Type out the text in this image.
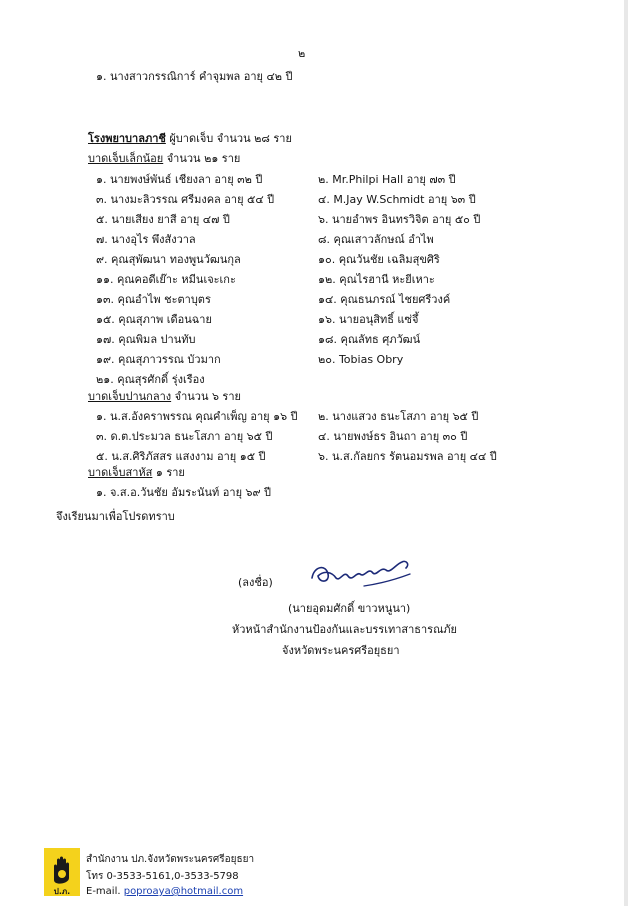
๒
๑. นางสาวกรรณิการ์ คำจุมพล อายุ ๔๒ ปี
โรงพยาบาลภาชี ผู้บาดเจ็บ จำนวน ๒๘ ราย
บาดเจ็บเล็กน้อย จำนวน ๒๑ ราย
๑. นายพงษ์พันธ์ เชียงลา อายุ ๓๒ ปี
๓. นางมะลิวรรณ ศรีมงคล อายุ ๕๔ ปี
๕. นายเสียง ยาสี อายุ ๔๗ ปี
๗. นางอุไร พึงสังวาล
๙. คุณสุพัฒนา ทองพูนวัฒนกุล
๑๑. คุณคอดีเย๊าะ หมีนเจะเกะ
๑๓. คุณอำไพ ชะตาบุตร
๑๕. คุณสุภาพ เดือนฉาย
๑๗. คุณพิมล ปานทับ
๑๙. คุณสุภาวรรณ บัวมาก
๒๑. คุณสุรศักดิ์ รุ่งเรือง
๒. Mr.Philpi Hall อายุ ๗๓ ปี
๔. M.Jay W.Schmidt อายุ ๖๓ ปี
๖. นายอำพร อินทรวิจิต อายุ ๕๐ ปี
๘. คุณเสาวลักษณ์ อำไพ
๑๐. คุณวันชัย เฉลิมสุขศิริ
๑๒. คุณไรฮานี หะยีเหาะ
๑๔. คุณธนภรณ์ ไชยศรีวงค์
๑๖. นายอนุสิทธิ์ แซ่จึ้
๑๘. คุณลัทธ ศุภวัฒน์
๒๐. Tobias Obry
บาดเจ็บปานกลาง จำนวน ๖ ราย
๑. น.ส.อังคราพรรณ คุณคำเพ็ญ อายุ ๑๖ ปี
๓. ด.ต.ประมวล ธนะโสภา อายุ ๖๕ ปี
๕. น.ส.ศิริภัสสร แสงงาม อายุ ๑๕ ปี
๒. นางแสวง ธนะโสภา อายุ ๖๕ ปี
๔. นายพงษ์ธร อินถา อายุ ๓๐ ปี
๖. น.ส.กัลยกร รัตนอมรพล อายุ ๔๔ ปี
บาดเจ็บสาหัส ๑ ราย
๑. จ.ส.อ.วันชัย อัมระนันท์ อายุ ๖๙ ปี
จึงเรียนมาเพื่อโปรดทราบ
(ลงชื่อ)
(นายอุดมศักดิ์ ขาวหนูนา)
หัวหน้าสำนักงานป้องกันและบรรเทาสาธารณภัย
จังหวัดพระนครศรีอยุธยา
ป.ภ.
สำนักงาน ปภ.จังหวัดพระนครศรีอยุธยา
โทร 0-3533-5161,0-3533-5798
E-mail. poproaya@hotmail.com
